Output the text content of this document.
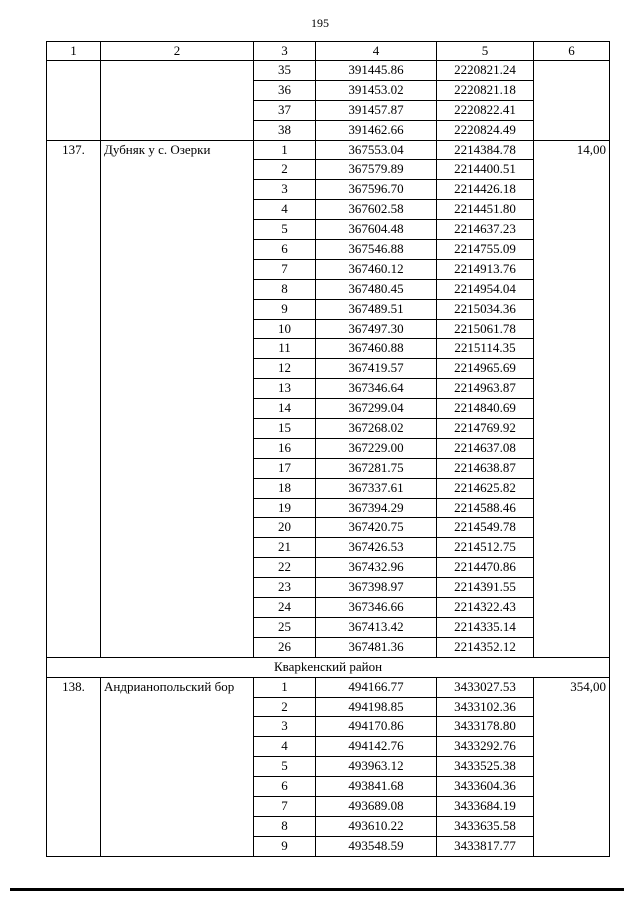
195
1	2	3	4	5	6
		35	391445.86	2220821.24	
		36	391453.02	2220821.18	
		37	391457.87	2220822.41	
		38	391462.66	2220824.49	
137.	Дубняк у с. Озерки	1	367553.04	2214384.78	14,00
		2	367579.89	2214400.51	
		3	367596.70	2214426.18	
		4	367602.58	2214451.80	
		5	367604.48	2214637.23	
		6	367546.88	2214755.09	
		7	367460.12	2214913.76	
		8	367480.45	2214954.04	
		9	367489.51	2215034.36	
		10	367497.30	2215061.78	
		11	367460.88	2215114.35	
		12	367419.57	2214965.69	
		13	367346.64	2214963.87	
		14	367299.04	2214840.69	
		15	367268.02	2214769.92	
		16	367229.00	2214637.08	
		17	367281.75	2214638.87	
		18	367337.61	2214625.82	
		19	367394.29	2214588.46	
		20	367420.75	2214549.78	
		21	367426.53	2214512.75	
		22	367432.96	2214470.86	
		23	367398.97	2214391.55	
		24	367346.66	2214322.43	
		25	367413.42	2214335.14	
		26	367481.36	2214352.12	
Кварkенский район					
138.	Андрианопольский бор	1	494166.77	3433027.53	354,00
		2	494198.85	3433102.36	
		3	494170.86	3433178.80	
		4	494142.76	3433292.76	
		5	493963.12	3433525.38	
		6	493841.68	3433604.36	
		7	493689.08	3433684.19	
		8	493610.22	3433635.58	
		9	493548.59	3433817.77	
